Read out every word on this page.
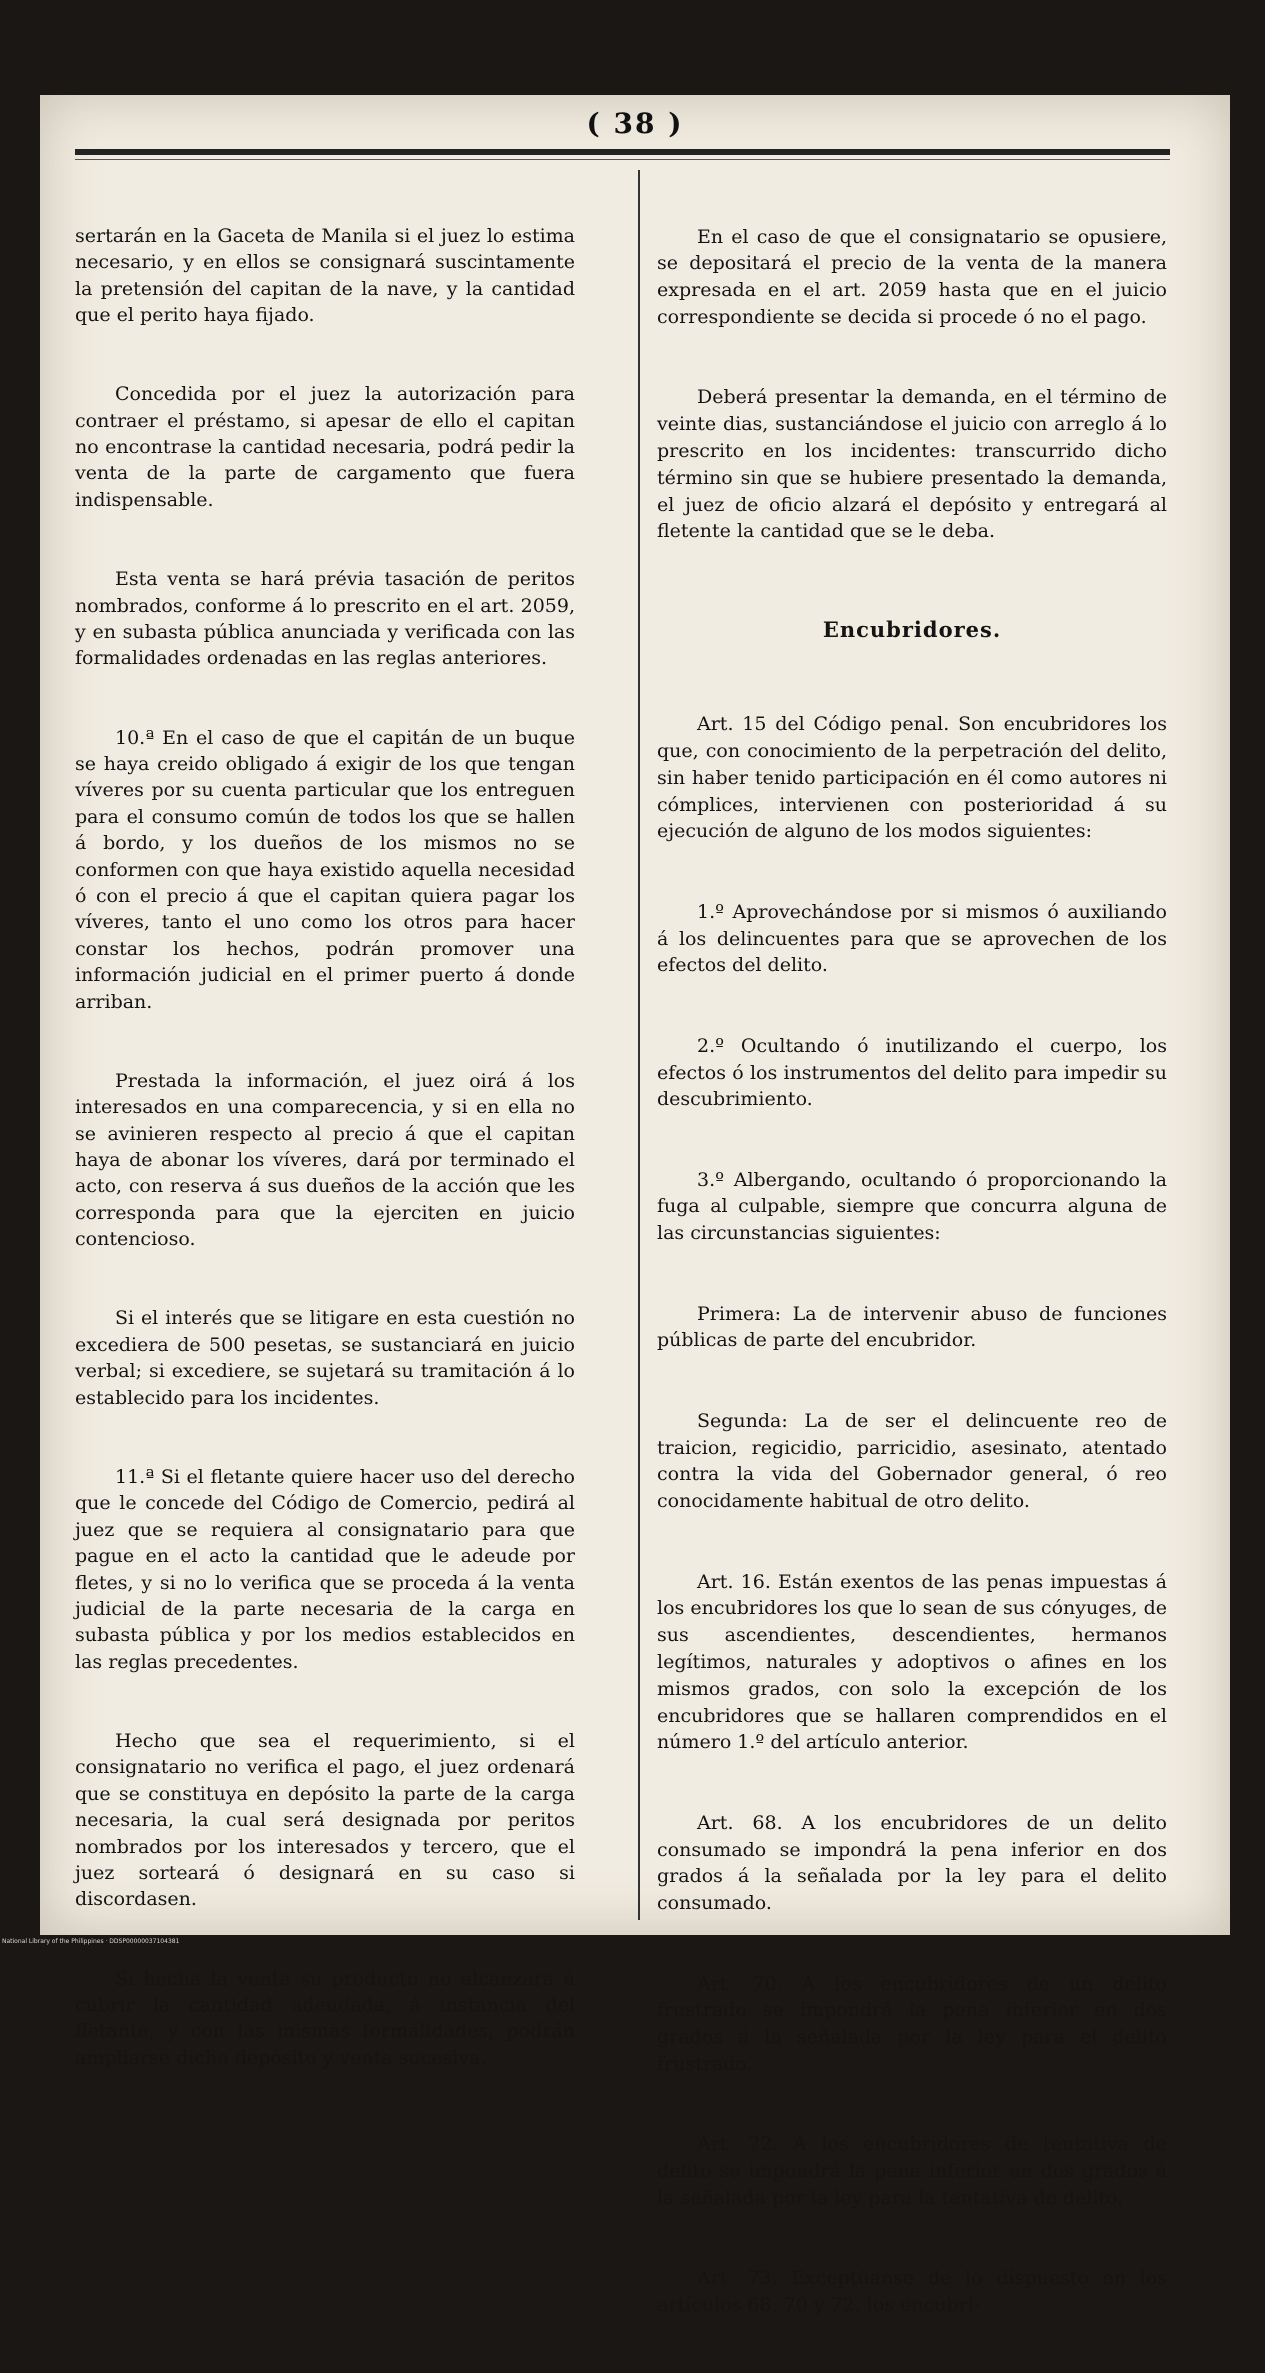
( 38 )

sertarán en la Gaceta de Manila si el juez lo estima necesario, y en ellos se consignará suscintamente la pretensión del capitan de la nave, y la cantidad que el perito haya fijado.

Concedida por el juez la autorización para contraer el préstamo, si apesar de ello el capitan no encontrase la cantidad necesaria, podrá pedir la venta de la parte de cargamento que fuera indispensable.

Esta venta se hará prévia tasación de peritos nombrados, conforme á lo prescrito en el art. 2059, y en subasta pública anunciada y verificada con las formalidades ordenadas en las reglas anteriores.

10.ª En el caso de que el capitán de un buque se haya creido obligado á exigir de los que tengan víveres por su cuenta particular que los entreguen para el consumo común de todos los que se hallen á bordo, y los dueños de los mismos no se conformen con que haya existido aquella necesidad ó con el precio á que el capitan quiera pagar los víveres, tanto el uno como los otros para hacer constar los hechos, podrán promover una información judicial en el primer puerto á donde arriban.

Prestada la información, el juez oirá á los interesados en una comparecencia, y si en ella no se avinieren respecto al precio á que el capitan haya de abonar los víveres, dará por terminado el acto, con reserva á sus dueños de la acción que les corresponda para que la ejerciten en juicio contencioso.

Si el interés que se litigare en esta cuestión no excediera de 500 pesetas, se sustanciará en juicio verbal; si excediere, se sujetará su tramitación á lo establecido para los incidentes.

11.ª Si el fletante quiere hacer uso del derecho que le concede del Código de Comercio, pedirá al juez que se requiera al consignatario para que pague en el acto la cantidad que le adeude por fletes, y si no lo verifica que se proceda á la venta judicial de la parte necesaria de la carga en subasta pública y por los medios establecidos en las reglas precedentes.

Hecho que sea el requerimiento, si el consignatario no verifica el pago, el juez ordenará que se constituya en depósito la parte de la carga necesaria, la cual será designada por peritos nombrados por los interesados y tercero, que el juez sorteará ó designará en su caso si discordasen.

Si hecha la venta su producto no alcanzara á cubrir la cantidad adeudada, á instancia del fletante, y con las mismas formalidades, podrán ampliarse dicho depósito y venta sucesiva.

En el caso de que el consignatario se opusiere, se depositará el precio de la venta de la manera expresada en el art. 2059 hasta que en el juicio correspondiente se decida si procede ó no el pago.

Deberá presentar la demanda, en el término de veinte dias, sustanciándose el juicio con arreglo á lo prescrito en los incidentes: transcurrido dicho término sin que se hubiere presentado la demanda, el juez de oficio alzará el depósito y entregará al fletente la cantidad que se le deba.

Encubridores.

Art. 15 del Código penal. Son encubridores los que, con conocimiento de la perpetración del delito, sin haber tenido participación en él como autores ni cómplices, intervienen con posterioridad á su ejecución de alguno de los modos siguientes:

1.º Aprovechándose por si mismos ó auxiliando á los delincuentes para que se aprovechen de los efectos del delito.

2.º Ocultando ó inutilizando el cuerpo, los efectos ó los instrumentos del delito para impedir su descubrimiento.

3.º Albergando, ocultando ó proporcionando la fuga al culpable, siempre que concurra alguna de las circunstancias siguientes:

Primera: La de intervenir abuso de funciones públicas de parte del encubridor.

Segunda: La de ser el delincuente reo de traicion, regicidio, parricidio, asesinato, atentado contra la vida del Gobernador general, ó reo conocidamente habitual de otro delito.

Art. 16. Están exentos de las penas impuestas á los encubridores los que lo sean de sus cónyuges, de sus ascendientes, descendientes, hermanos legítimos, naturales y adoptivos o afines en los mismos grados, con solo la excepción de los encubridores que se hallaren comprendidos en el número 1.º del artículo anterior.

Art. 68. A los encubridores de un delito consumado se impondrá la pena inferior en dos grados á la señalada por la ley para el delito consumado.

Art. 70. A los encubridores de un delito frustrado se impondrá la pena inferior en dos grados á la señalada por la ley para el delito frustrado.

Art. 72. A los encubridores de tentativa de delito se impondrá la pena inferior en dos grados á la señalada por la ley para la tentativa de delito.

Art. 73. Exceptúanse de lo dispuesto en los artículos 68, 70 y 72, los encubri-

National Library of the Philippines · DDSP00000037104381
